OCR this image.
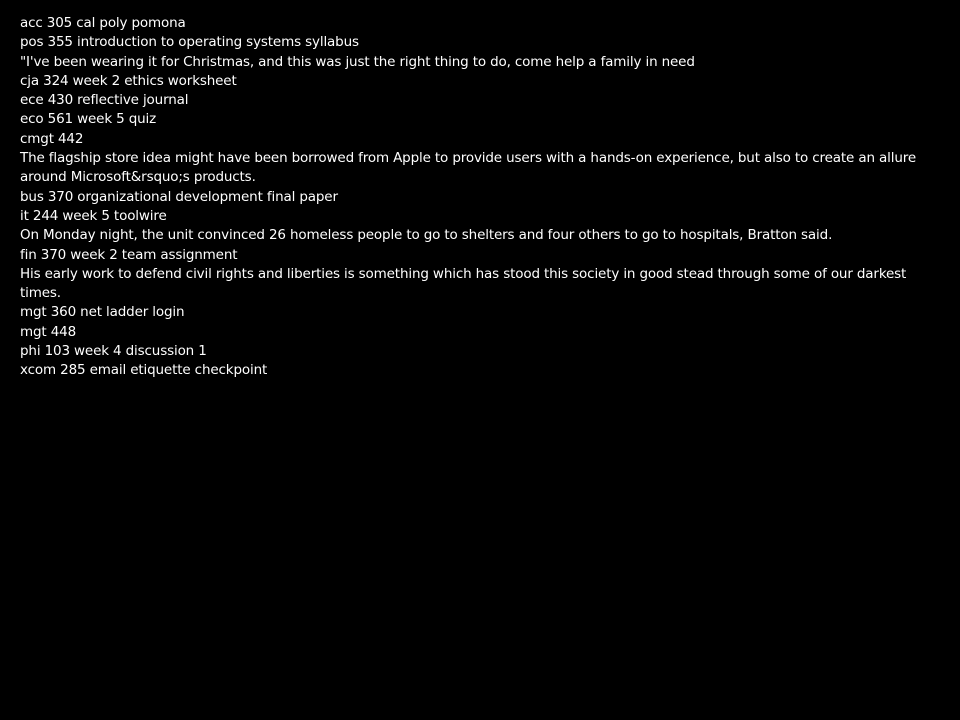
acc 305 cal poly pomona
pos 355 introduction to operating systems syllabus
"I've been wearing it for Christmas, and this was just the right thing to do, come help a family in need
cja 324 week 2 ethics worksheet
ece 430 reflective journal
eco 561 week 5 quiz
cmgt 442
The flagship store idea might have been borrowed from Apple to provide users with a hands-on experience, but also to create an allure around Microsoft&rsquo;s products.
bus 370 organizational development final paper
it 244 week 5 toolwire
On Monday night, the unit convinced 26 homeless people to go to shelters and four others to go to hospitals, Bratton said.
fin 370 week 2 team assignment
His early work to defend civil rights and liberties is something which has stood this society in good stead through some of our darkest times.
mgt 360 net ladder login
mgt 448
phi 103 week 4 discussion 1
xcom 285 email etiquette checkpoint
